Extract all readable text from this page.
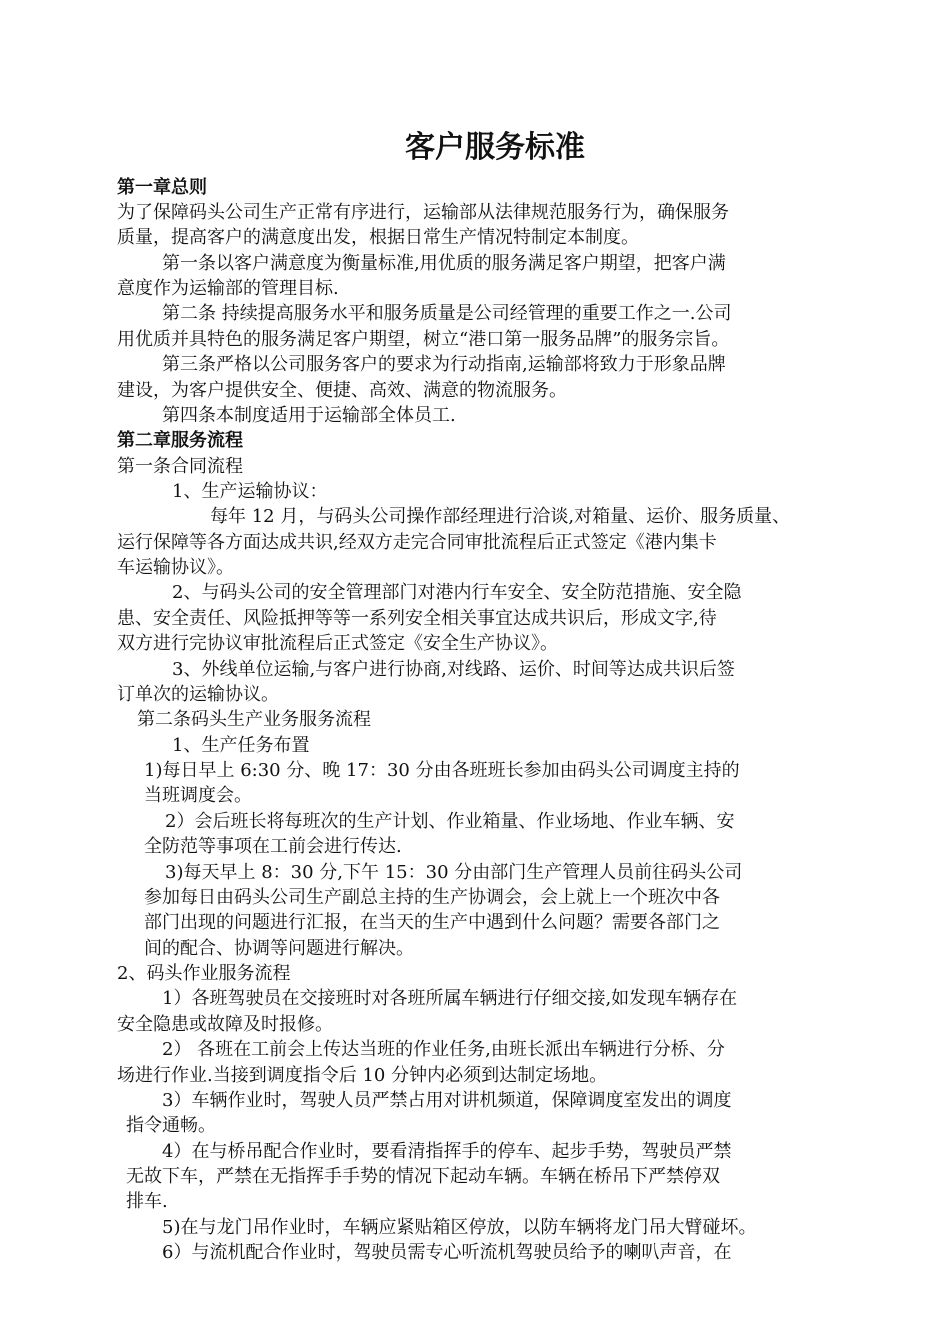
客户服务标准
第一章总则
为了保障码头公司生产正常有序进行，运输部从法律规范服务行为，确保服务
质量，提高客户的满意度出发，根据日常生产情况特制定本制度。
第一条以客户满意度为衡量标准,用优质的服务满足客户期望，把客户满
意度作为运输部的管理目标.
第二条 持续提高服务水平和服务质量是公司经管理的重要工作之一.公司
用优质并具特色的服务满足客户期望，树立“港口第一服务品牌”的服务宗旨。
第三条严格以公司服务客户的要求为行动指南,运输部将致力于形象品牌
建设，为客户提供安全、便捷、高效、满意的物流服务。
第四条本制度适用于运输部全体员工.
第二章服务流程
第一条合同流程
1、生产运输协议：
每年 12 月，与码头公司操作部经理进行洽谈,对箱量、运价、服务质量、
运行保障等各方面达成共识,经双方走完合同审批流程后正式签定《港内集卡
车运输协议》。
2、与码头公司的安全管理部门对港内行车安全、安全防范措施、安全隐
患、安全责任、风险抵押等等一系列安全相关事宜达成共识后，形成文字,待
双方进行完协议审批流程后正式签定《安全生产协议》。
3、外线单位运输,与客户进行协商,对线路、运价、时间等达成共识后签
订单次的运输协议。
第二条码头生产业务服务流程
1、生产任务布置
1)每日早上 6:30 分、晚 17：30 分由各班班长参加由码头公司调度主持的
当班调度会。
2）会后班长将每班次的生产计划、作业箱量、作业场地、作业车辆、安
全防范等事项在工前会进行传达.
3)每天早上 8：30 分,下午 15：30 分由部门生产管理人员前往码头公司
参加每日由码头公司生产副总主持的生产协调会，会上就上一个班次中各
部门出现的问题进行汇报，在当天的生产中遇到什么问题？需要各部门之
间的配合、协调等问题进行解决。
2、码头作业服务流程
1）各班驾驶员在交接班时对各班所属车辆进行仔细交接,如发现车辆存在
安全隐患或故障及时报修。
2） 各班在工前会上传达当班的作业任务,由班长派出车辆进行分桥、分
场进行作业.当接到调度指令后 10 分钟内必须到达制定场地。
3）车辆作业时，驾驶人员严禁占用对讲机频道，保障调度室发出的调度
指令通畅。
4）在与桥吊配合作业时，要看清指挥手的停车、起步手势，驾驶员严禁
无故下车，严禁在无指挥手手势的情况下起动车辆。车辆在桥吊下严禁停双
排车.
5)在与龙门吊作业时，车辆应紧贴箱区停放，以防车辆将龙门吊大臂碰坏。
6）与流机配合作业时，驾驶员需专心听流机驾驶员给予的喇叭声音，在
